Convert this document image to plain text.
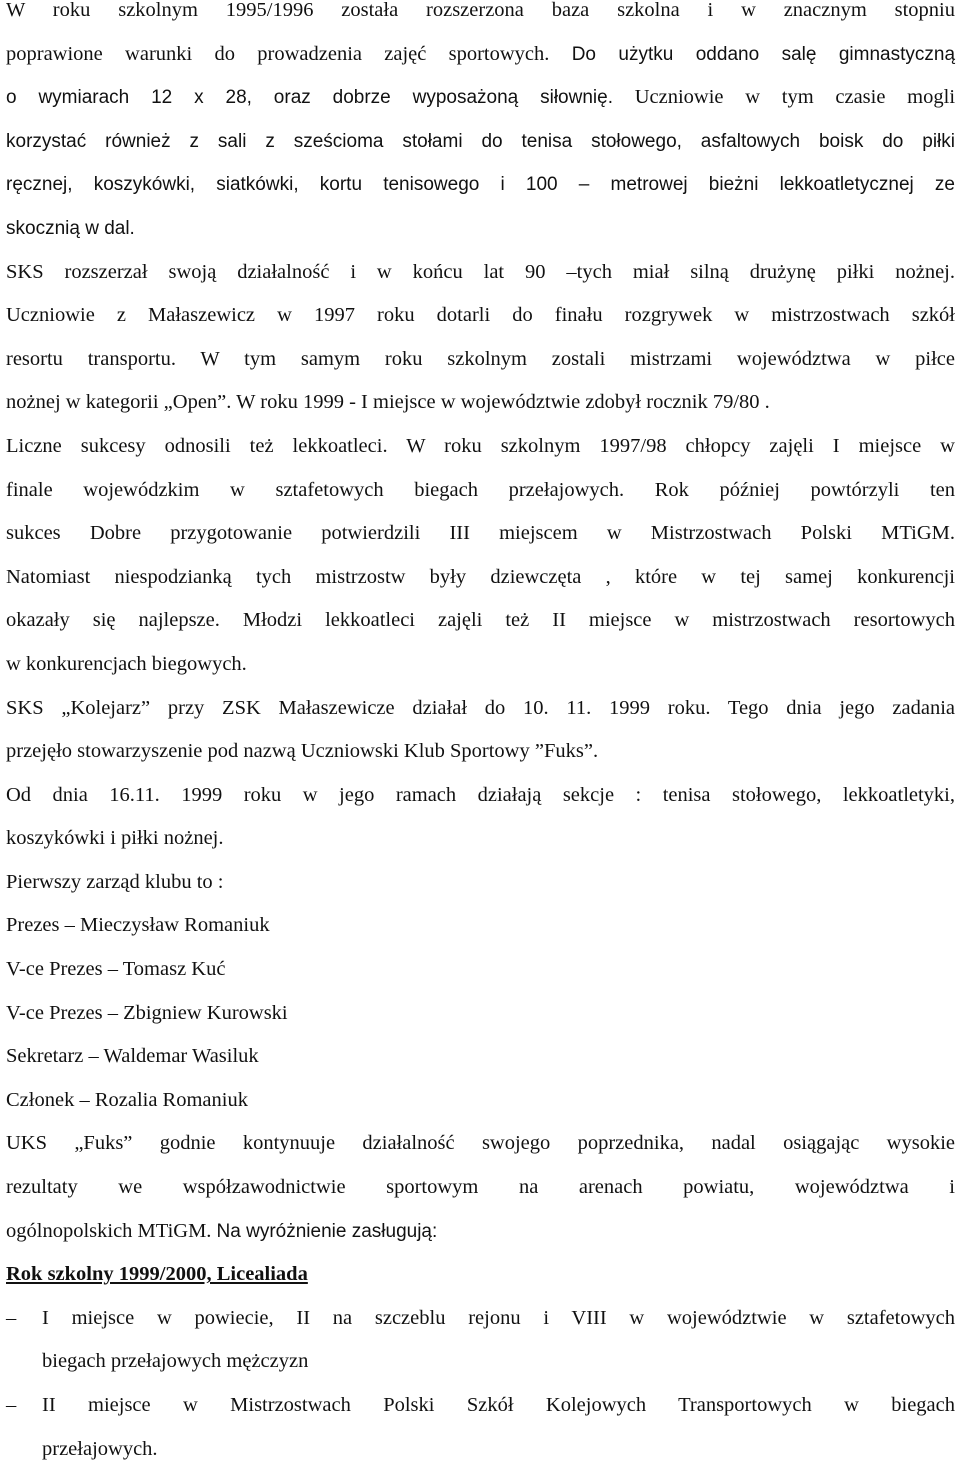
W roku szkolnym 1995/1996 została rozszerzona baza szkolna i w znacznym stopniu
poprawione warunki do prowadzenia zajęć sportowych. Do użytku oddano salę gimnastyczną
o wymiarach 12 x 28, oraz dobrze wyposażoną siłownię. Uczniowie w tym czasie mogli
korzystać również z sali z sześcioma stołami do tenisa stołowego, asfaltowych boisk do piłki
ręcznej, koszykówki, siatkówki, kortu tenisowego i 100 – metrowej bieżni lekkoatletycznej ze
skocznią w dal.
SKS rozszerzał swoją działalność i w końcu lat 90 –tych miał silną drużynę piłki nożnej.
Uczniowie z Małaszewicz w 1997 roku dotarli do finału rozgrywek w mistrzostwach szkół
resortu transportu. W tym samym roku szkolnym zostali mistrzami województwa w piłce
nożnej w kategorii „Open”. W roku 1999 - I miejsce w województwie zdobył rocznik 79/80 .
Liczne sukcesy odnosili też lekkoatleci. W roku szkolnym 1997/98 chłopcy zajęli I miejsce w
finale wojewódzkim w sztafetowych biegach przełajowych. Rok później powtórzyli ten
sukces Dobre przygotowanie potwierdzili III miejscem w Mistrzostwach Polski MTiGM.
Natomiast niespodzianką tych mistrzostw były dziewczęta , które w tej samej konkurencji
okazały się najlepsze. Młodzi lekkoatleci zajęli też II miejsce w mistrzostwach resortowych
w konkurencjach biegowych.
SKS „Kolejarz” przy ZSK Małaszewicze działał do 10. 11. 1999 roku. Tego dnia jego zadania
przejęło stowarzyszenie pod nazwą Uczniowski Klub Sportowy ”Fuks”.
Od dnia 16.11. 1999 roku w jego ramach działają sekcje : tenisa stołowego, lekkoatletyki,
koszykówki i piłki nożnej.
Pierwszy zarząd klubu to :
Prezes – Mieczysław Romaniuk
V-ce Prezes – Tomasz Kuć
V-ce Prezes – Zbigniew Kurowski
Sekretarz – Waldemar Wasiluk
Członek – Rozalia Romaniuk
UKS „Fuks” godnie kontynuuje działalność swojego poprzednika, nadal osiągając wysokie
rezultaty we współzawodnictwie sportowym na arenach powiatu, województwa i
ogólnopolskich MTiGM. Na wyróżnienie zasługują:
Rok szkolny 1999/2000, Licealiada
–	I miejsce w powiecie, II na szczeblu rejonu i VIII w województwie w sztafetowych
biegach przełajowych mężczyzn
–	II miejsce w Mistrzostwach Polski Szkół Kolejowych Transportowych w biegach
przełajowych.
